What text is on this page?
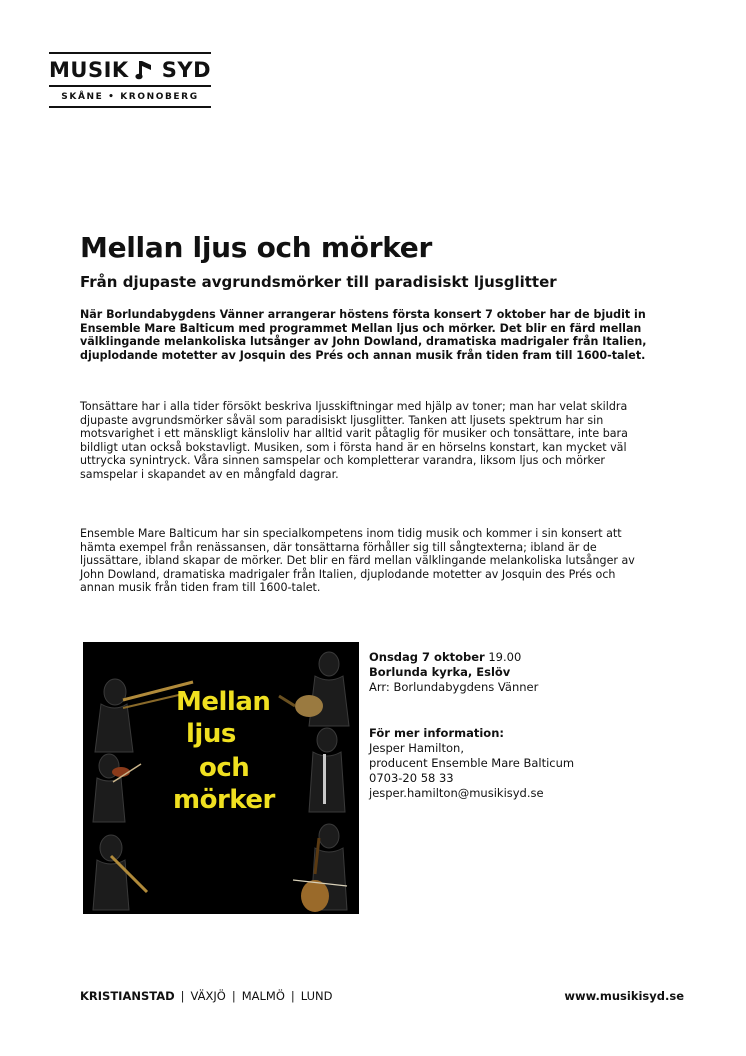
MUSIK SYD
SKÅNE • KRONOBERG
Mellan ljus och mörker
Från djupaste avgrundsmörker till paradisiskt ljusglitter

När Borlundabygdens Vänner arrangerar höstens första konsert 7 oktober har de bjudit in Ensemble Mare Balticum med programmet Mellan ljus och mörker. Det blir en färd mellan välklingande melankoliska lutsånger av John Dowland, dramatiska madrigaler från Italien, djuplodande motetter av Josquin des Prés och annan musik från tiden fram till 1600-talet.

Tonsättare har i alla tider försökt beskriva ljusskiftningar med hjälp av toner; man har velat skildra djupaste avgrundsmörker såväl som paradisiskt ljusglitter. Tanken att ljusets spektrum har sin motsvarighet i ett mänskligt känsloliv har alltid varit påtaglig för musiker och tonsättare, inte bara bildligt utan också bokstavligt. Musiken, som i första hand är en hörselns konstart, kan mycket väl uttrycka synintryck. Våra sinnen samspelar och kompletterar varandra, liksom ljus och mörker samspelar i skapandet av en mångfald dagrar.

Ensemble Mare Balticum har sin specialkompetens inom tidig musik och kommer i sin konsert att hämta exempel från renässansen, där tonsättarna förhåller sig till sångtexterna; ibland är de ljussättare, ibland skapar de mörker. Det blir en färd mellan välklingande melankoliska lutsånger av John Dowland, dramatiska madrigaler från Italien, djuplodande motetter av Josquin des Prés och annan musik från tiden fram till 1600-talet.

Mellan
ljus
och
mörker
Onsdag 7 oktober 19.00
Borlunda kyrka, Eslöv
Arr: Borlundabygdens Vänner
För mer information:
Jesper Hamilton,
producent Ensemble Mare Balticum
0703-20 58 33
jesper.hamilton@musikisyd.se
KRISTIANSTAD | VÄXJÖ | MALMÖ | LUND	www.musikisyd.se
